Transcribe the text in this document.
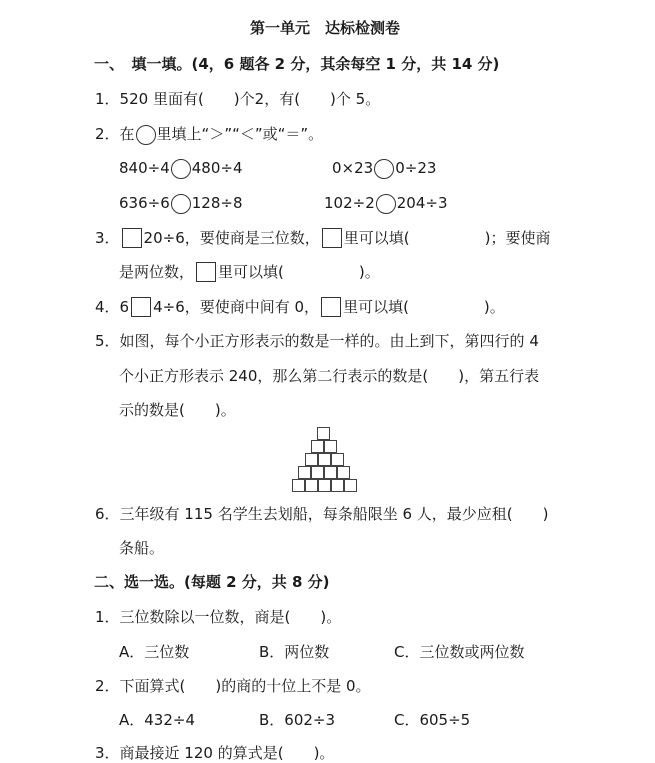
第一单元　达标检测卷
一、　填一填。(4，6 题各 2 分，其余每空 1 分，共 14 分)
1．520 里面有(　　)个2，有(　　)个 5。
2．在 里填上“＞”“＜”或“＝”。
840÷4 480÷4	0×23 0÷23
636÷6 128÷8	102÷2 204÷3
3． 20÷6，要使商是三位数， 里可以填(　　　　　)；要使商
是两位数， 里可以填(　　　　　)。
4．6 4÷6，要使商中间有 0， 里可以填(　　　　　)。
5．如图，每个小正方形表示的数是一样的。由上到下，第四行的 4
个小正方形表示 240，那么第二行表示的数是(　　)，第五行表
示的数是(　　)。
6．三年级有 115 名学生去划船，每条船限坐 6 人，最少应租(　　)
条船。
二、选一选。(每题 2 分，共 8 分)
1．三位数除以一位数，商是(　　)。
A．三位数	B．两位数	C．三位数或两位数
2．下面算式(　　)的商的十位上不是 0。
A．432÷4	B．602÷3	C．605÷5
3．商最接近 120 的算式是(　　)。
